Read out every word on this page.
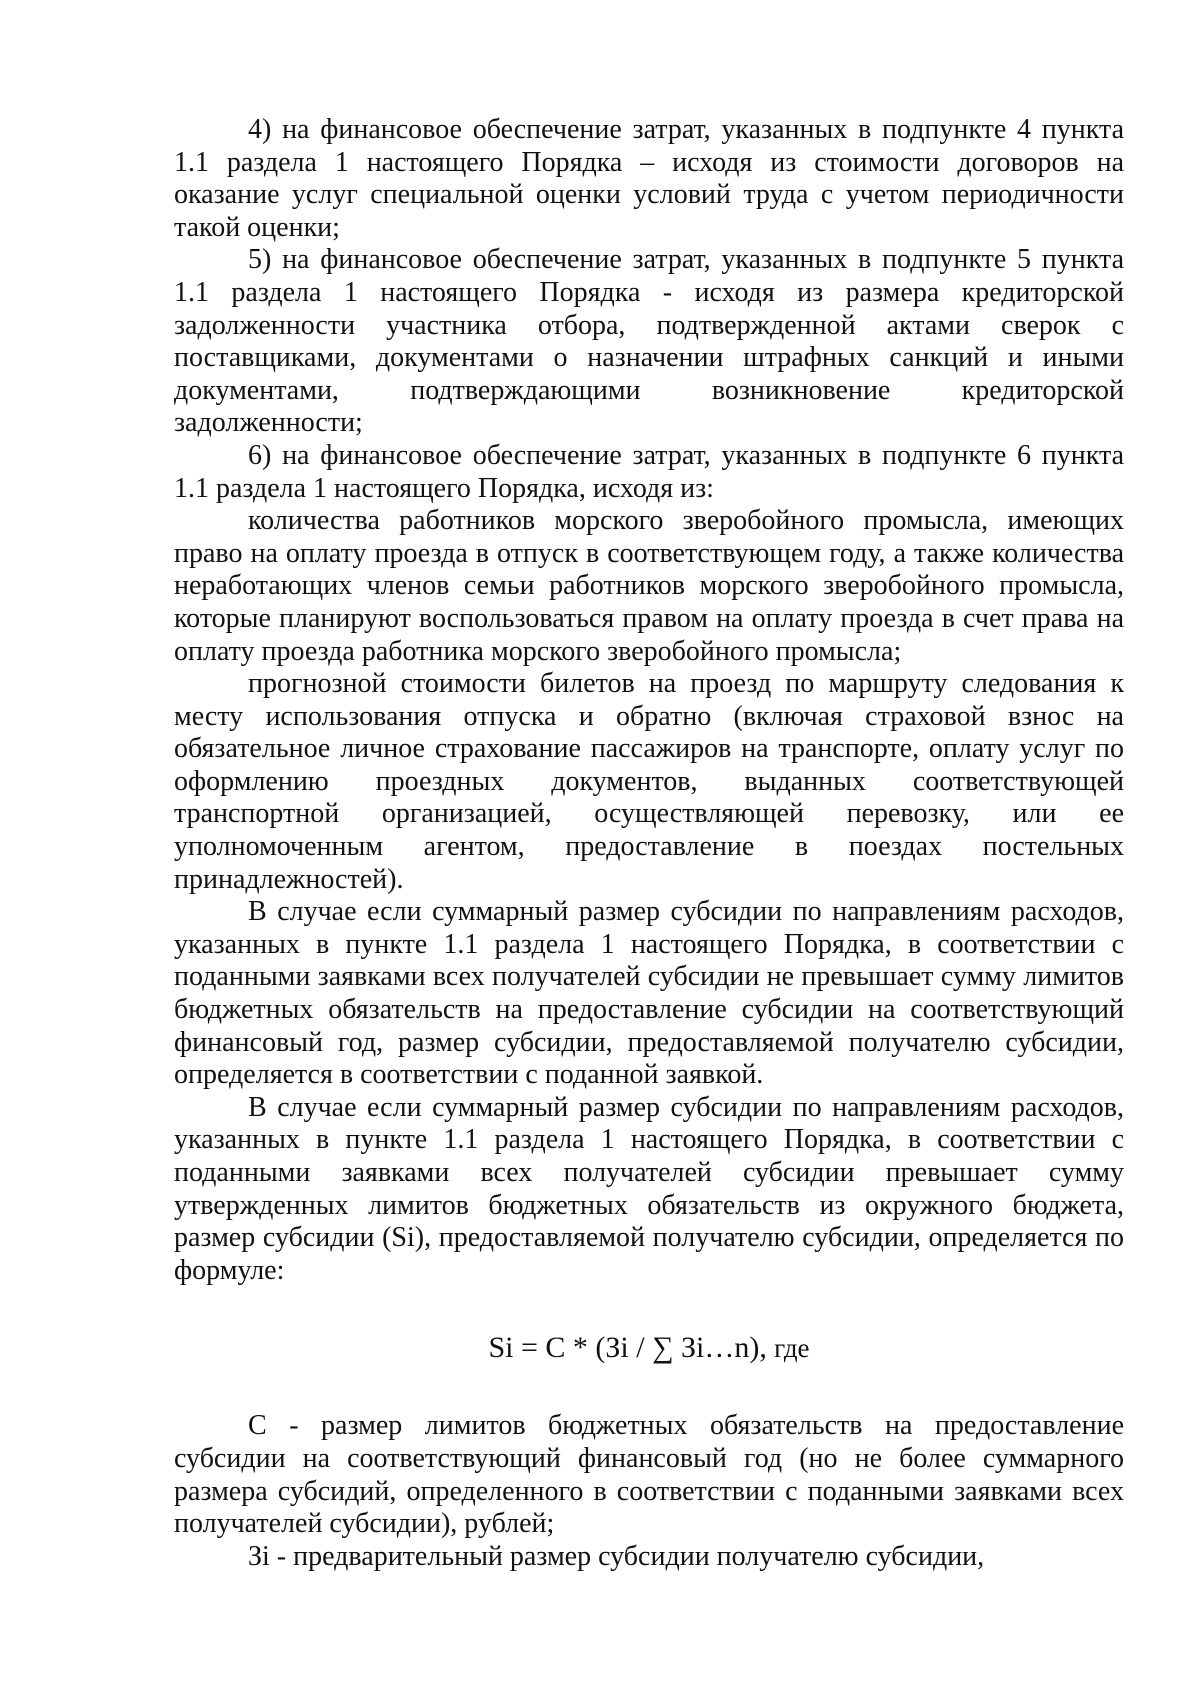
4) на финансовое обеспечение затрат, указанных в подпункте 4 пункта 1.1 раздела 1 настоящего Порядка – исходя из стоимости договоров на оказание услуг специальной оценки условий труда с учетом периодичности такой оценки;

5) на финансовое обеспечение затрат, указанных в подпункте 5 пункта 1.1 раздела 1 настоящего Порядка - исходя из размера кредиторской задолженности участника отбора, подтвержденной актами сверок с поставщиками, документами о назначении штрафных санкций и иными документами, подтверждающими возникновение кредиторской задолженности;

6) на финансовое обеспечение затрат, указанных в подпункте 6 пункта 1.1 раздела 1 настоящего Порядка, исходя из:

количества работников морского зверобойного промысла, имеющих право на оплату проезда в отпуск в соответствующем году, а также количества неработающих членов семьи работников морского зверобойного промысла, которые планируют воспользоваться правом на оплату проезда в счет права на оплату проезда работника морского зверобойного промысла;

прогнозной стоимости билетов на проезд по маршруту следования к месту использования отпуска и обратно (включая страховой взнос на обязательное личное страхование пассажиров на транспорте, оплату услуг по оформлению проездных документов, выданных соответствующей транспортной организацией, осуществляющей перевозку, или ее уполномоченным агентом, предоставление в поездах постельных принадлежностей).

В случае если суммарный размер субсидии по направлениям расходов, указанных в пункте 1.1 раздела 1 настоящего Порядка, в соответствии с поданными заявками всех получателей субсидии не превышает сумму лимитов бюджетных обязательств на предоставление субсидии на соответствующий финансовый год, размер субсидии, предоставляемой получателю субсидии, определяется в соответствии с поданной заявкой.

В случае если суммарный размер субсидии по направлениям расходов, указанных в пункте 1.1 раздела 1 настоящего Порядка, в соответствии с поданными заявками всех получателей субсидии превышает сумму утвержденных лимитов бюджетных обязательств из окружного бюджета, размер субсидии (Si), предоставляемой получателю субсидии, определяется по формуле:

Si = C * (Зi / ∑ Зi…n), где

С - размер лимитов бюджетных обязательств на предоставление субсидии на соответствующий финансовый год (но не более суммарного размера субсидий, определенного в соответствии с поданными заявками всех получателей субсидии), рублей;

Зi - предварительный размер субсидии получателю субсидии,
